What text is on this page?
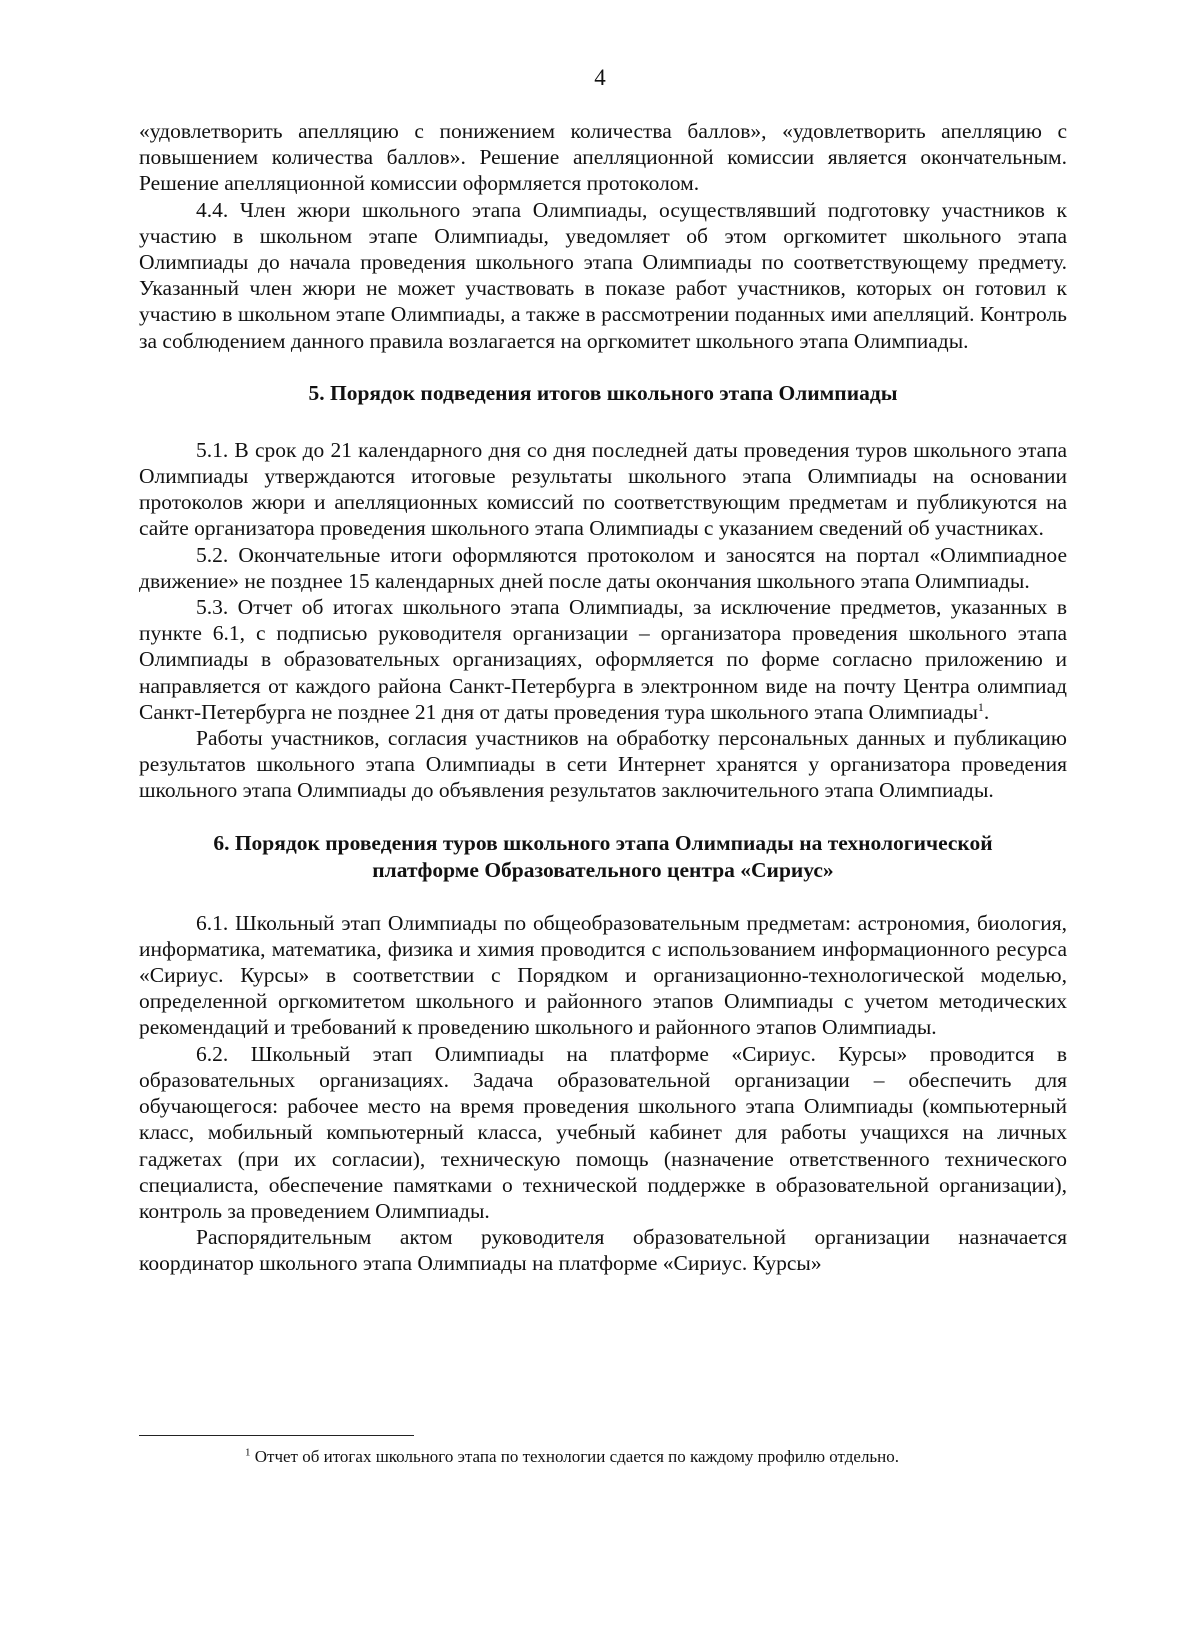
4

«удовлетворить апелляцию с понижением количества баллов», «удовлетворить апелляцию с повышением количества баллов». Решение апелляционной комиссии является окончательным. Решение апелляционной комиссии оформляется протоколом.

4.4. Член жюри школьного этапа Олимпиады, осуществлявший подготовку участников к участию в школьном этапе Олимпиады, уведомляет об этом оргкомитет школьного этапа Олимпиады до начала проведения школьного этапа Олимпиады по соответствующему предмету. Указанный член жюри не может участвовать в показе работ участников, которых он готовил к участию в школьном этапе Олимпиады, а также в рассмотрении поданных ими апелляций. Контроль за соблюдением данного правила возлагается на оргкомитет школьного этапа Олимпиады.

5. Порядок подведения итогов школьного этапа Олимпиады

5.1. В срок до 21 календарного дня со дня последней даты проведения туров школьного этапа Олимпиады утверждаются итоговые результаты школьного этапа Олимпиады на основании протоколов жюри и апелляционных комиссий по соответствующим предметам и публикуются на сайте организатора проведения школьного этапа Олимпиады с указанием сведений об участниках.

5.2. Окончательные итоги оформляются протоколом и заносятся на портал «Олимпиадное движение» не позднее 15 календарных дней после даты окончания школьного этапа Олимпиады.

5.3. Отчет об итогах школьного этапа Олимпиады, за исключение предметов, указанных в пункте 6.1, с подписью руководителя организации – организатора проведения школьного этапа Олимпиады в образовательных организациях, оформляется по форме согласно приложению и направляется от каждого района Санкт-Петербурга в электронном виде на почту Центра олимпиад Санкт-Петербурга не позднее 21 дня от даты проведения тура школьного этапа Олимпиады$^1$.

Работы участников, согласия участников на обработку персональных данных и публикацию результатов школьного этапа Олимпиады в сети Интернет хранятся у организатора проведения школьного этапа Олимпиады до объявления результатов заключительного этапа Олимпиады.

6. Порядок проведения туров школьного этапа Олимпиады на технологической
платформе Образовательного центра «Сириус»

6.1. Школьный этап Олимпиады по общеобразовательным предметам: астрономия, биология, информатика, математика, физика и химия проводится с использованием информационного ресурса «Сириус. Курсы» в соответствии с Порядком и организационно-технологической моделью, определенной оргкомитетом школьного и районного этапов Олимпиады с учетом методических рекомендаций и требований к проведению школьного и районного этапов Олимпиады.

6.2. Школьный этап Олимпиады на платформе «Сириус. Курсы» проводится в образовательных организациях. Задача образовательной организации – обеспечить для обучающегося: рабочее место на время проведения школьного этапа Олимпиады (компьютерный класс, мобильный компьютерный класса, учебный кабинет для работы учащихся на личных гаджетах (при их согласии), техническую помощь (назначение ответственного технического специалиста, обеспечение памятками о технической поддержке в образовательной организации), контроль за проведением Олимпиады.

Распорядительным актом руководителя образовательной организации назначается координатор школьного этапа Олимпиады на платформе «Сириус. Курсы»

$^1$ Отчет об итогах школьного этапа по технологии сдается по каждому профилю отдельно.
